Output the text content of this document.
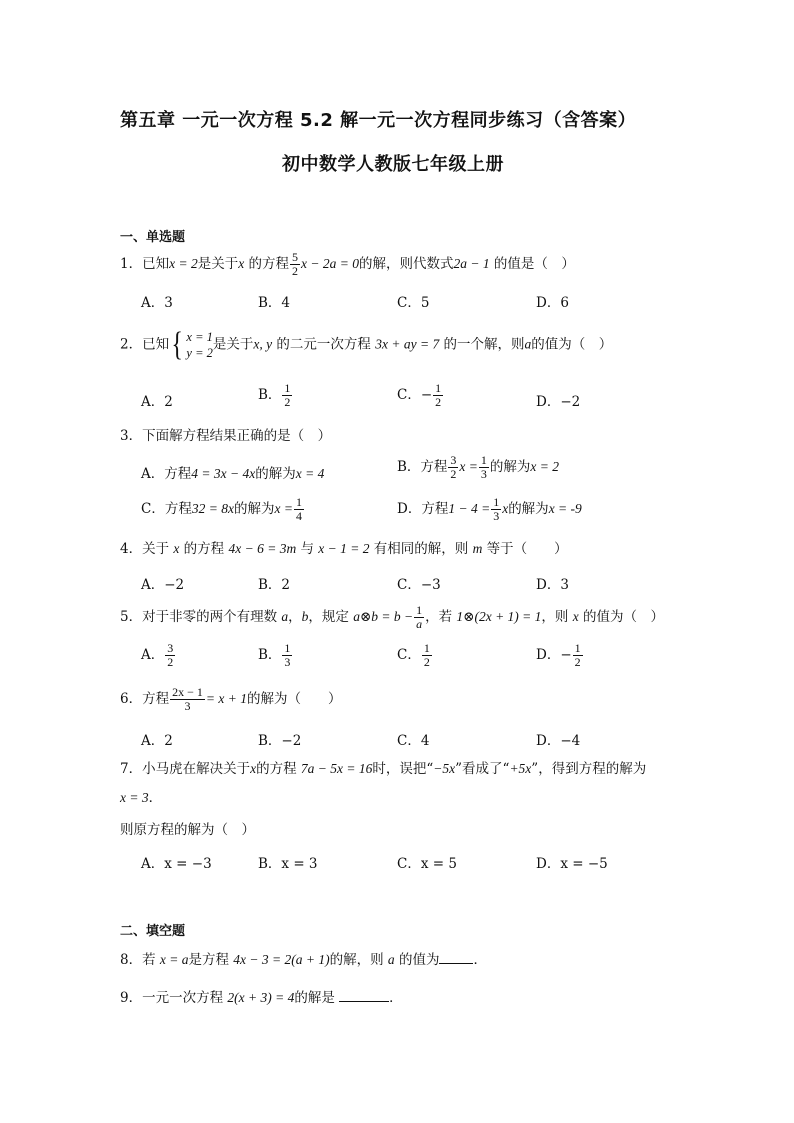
第五章 一元一次方程 5.2 解一元一次方程同步练习（含答案）
初中数学人教版七年级上册
一、单选题
1．已知x = 2是关于x 的方程 $\frac{5}{2}$ x − 2a = 0的解，则代数式2a − 1 的值是（　）
A．3	B．4	C．5	D．6
2．已知 { x = 1
y = 2
是关于x, y 的二元一次方程 3x + ay = 7 的一个解，则a的值为（　）
A．2	B． $\frac{1}{2}$	C．− $\frac{1}{2}$	D．−2
3．下面解方程结果正确的是（　）
A．方程4 = 3x − 4x的解为x = 4	B．方程 $\frac{3}{2}$ $x = \frac{1}{3}$ 的解为x = 2
C．方程32 = 8x的解为$x = \frac{1}{4}$	D．方程$1 - 4 = \frac{1}{3}$ x的解为x = -9
4．关于 x 的方程 4x − 6 = 3m 与 x − 1 = 2 有相同的解，则 m 等于（　　）
A．−2	B．2	C．−3	D．3
5．对于非零的两个有理数 a，b，规定 a⊗b = $b - \frac{1}{a}$ ，若 1⊗(2x + 1) = 1，则 x 的值为（　）
A． $\frac{3}{2}$	B． $\frac{1}{3}$	C． $\frac{1}{2}$	D．− $\frac{1}{2}$
6．方程 $\frac{2x - 1}{3} = x + 1$的解为（　　）
A．2	B．−2	C．4	D．−4
7．小马虎在解决关于x的方程 7a − 5x = 16时，误把“−5x”看成了“+5x”，得到方程的解为
x = 3．
则原方程的解为（　）
A．x = −3	B．x = 3	C．x = 5	D．x = −5
二、填空题
8．若 x = a是方程 4x − 3 = 2(a + 1)的解，则 a 的值为	．
9．一元一次方程 2(x + 3) = 4的解是	．
